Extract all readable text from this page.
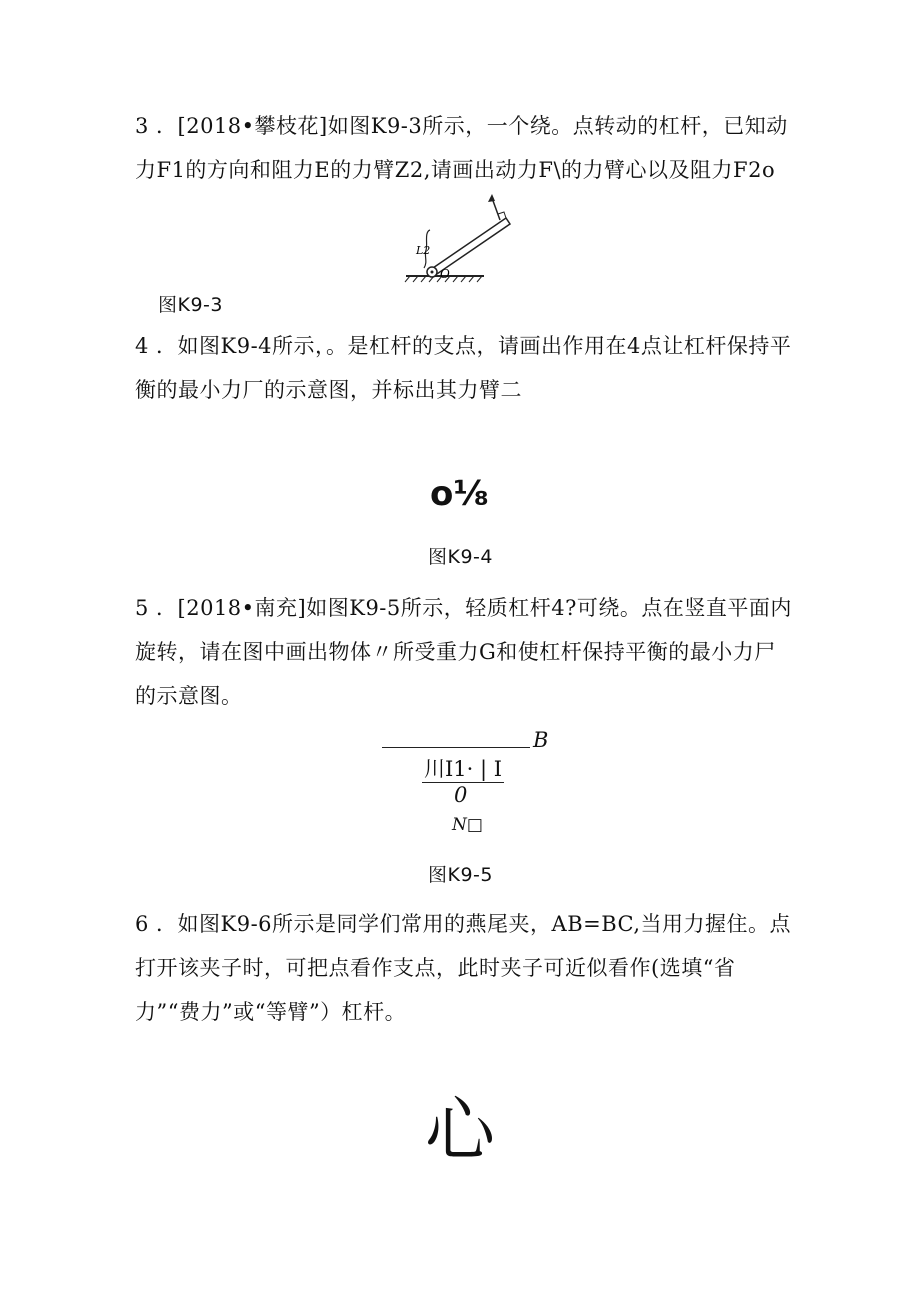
3 ．[2018•攀枝花]如图K9-3所示，一个绕。点转动的杠杆，已知动力F1的方向和阻力E的力臂Z2,请画出动力F\的力臂心以及阻力F2o

L2
O
图K9-3

4 ．如图K9-4所示，。是杠杆的支点，请画出作用在4点让杠杆保持平衡的最小力厂的示意图，并标出其力臂二

o⅛
图K9-4

5 ．[2018•南充]如图K9-5所示，轻质杠杆4?可绕。点在竖直平面内旋转，请在图中画出物体〃所受重力G和使杠杆保持平衡的最小力尸的示意图。

B
川I1· | I
0
N□
图K9-5

6 ．如图K9-6所示是同学们常用的燕尾夹，AB=BC,当用力握住。点打开该夹子时，可把点看作支点，此时夹子可近似看作(选填“省力”“费力”或“等臂”）杠杆。

心
